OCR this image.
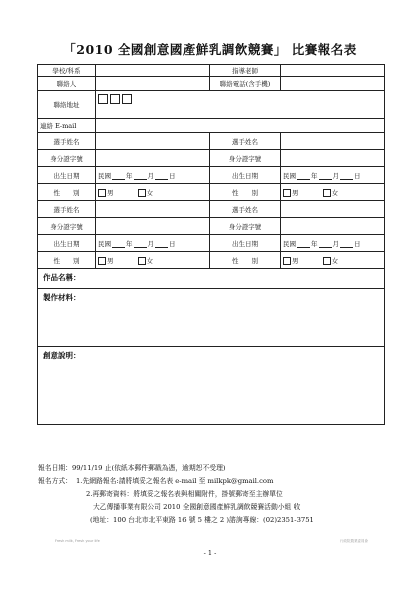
「2010 全國創意國產鮮乳調飲競賽」 比賽報名表
學校/科系		指導老師	
聯絡人		聯絡電話(含手機)	
聯絡地址			
連絡 E-mail			
選手姓名		選手姓名	
身分證字號		身分證字號	
出生日期	民國 年 月 日	出生日期	民國 年 月 日
性　　別	男 女	性　　別	男 女
選手姓名		選手姓名	
身分證字號		身分證字號	
出生日期	民國 年 月 日	出生日期	民國 年 月 日
性　　別	男 女	性　　別	男 女
作品名稱：			
製作材料：			
創意說明：			
報名日期：99/11/19 止(依紙本郵件郵戳為憑，逾期恕不受理)
報名方式： 1.先網路報名:請將填妥之報名表 e-mail 至 milkpk@gmail.com
2.再郵寄資料：將填妥之報名表與相關附件，掛號郵寄至主辦單位
大乙傳播事業有限公司 2010 全國創意國產鮮乳調飲競賽活動小組 收
(地址：100 台北市北平東路 16 號 5 樓之 2 )諮詢專線：(02)2351-3751
Fresh milk, Fresh your life	行政院農業委員會
- 1 -
